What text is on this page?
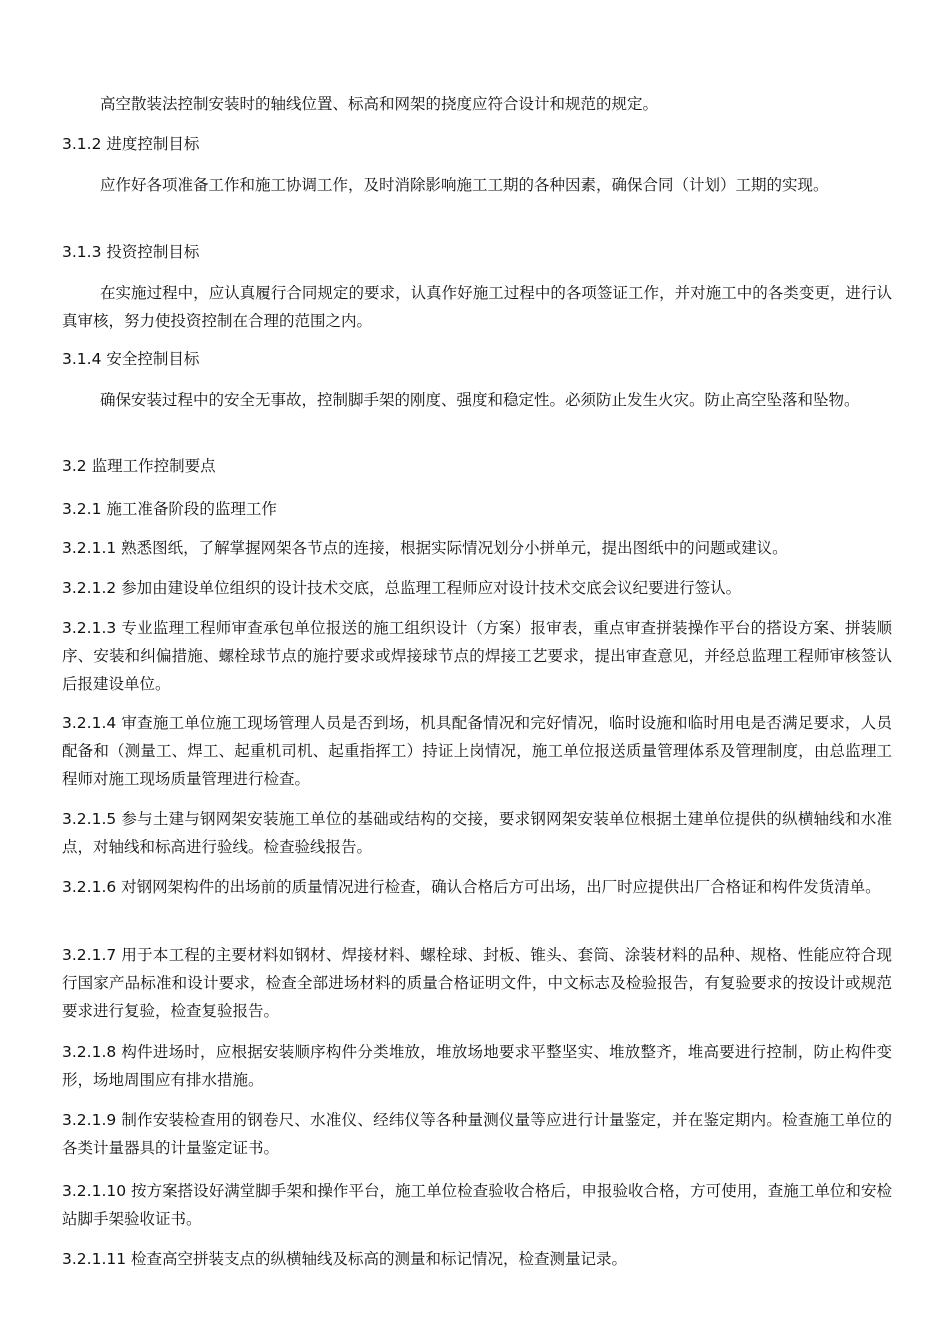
高空散装法控制安装时的轴线位置、标高和网架的挠度应符合设计和规范的规定。

3.1.2 进度控制目标

应作好各项准备工作和施工协调工作，及时消除影响施工工期的各种因素，确保合同（计划）工期的实现。

3.1.3 投资控制目标

在实施过程中，应认真履行合同规定的要求，认真作好施工过程中的各项签证工作，并对施工中的各类变更，进行认真审核，努力使投资控制在合理的范围之内。

3.1.4 安全控制目标

确保安装过程中的安全无事故，控制脚手架的刚度、强度和稳定性。必须防止发生火灾。防止高空坠落和坠物。

3.2 监理工作控制要点

3.2.1 施工准备阶段的监理工作

3.2.1.1 熟悉图纸，了解掌握网架各节点的连接，根据实际情况划分小拼单元，提出图纸中的问题或建议。

3.2.1.2 参加由建设单位组织的设计技术交底，总监理工程师应对设计技术交底会议纪要进行签认。

3.2.1.3 专业监理工程师审查承包单位报送的施工组织设计（方案）报审表，重点审查拼装操作平台的搭设方案、拼装顺序、安装和纠偏措施、螺栓球节点的施拧要求或焊接球节点的焊接工艺要求，提出审查意见，并经总监理工程师审核签认后报建设单位。

3.2.1.4 审查施工单位施工现场管理人员是否到场，机具配备情况和完好情况，临时设施和临时用电是否满足要求，人员配备和（测量工、焊工、起重机司机、起重指挥工）持证上岗情况，施工单位报送质量管理体系及管理制度，由总监理工程师对施工现场质量管理进行检查。

3.2.1.5 参与土建与钢网架安装施工单位的基础或结构的交接，要求钢网架安装单位根据土建单位提供的纵横轴线和水准点，对轴线和标高进行验线。检查验线报告。

3.2.1.6 对钢网架构件的出场前的质量情况进行检查，确认合格后方可出场，出厂时应提供出厂合格证和构件发货清单。

3.2.1.7 用于本工程的主要材料如钢材、焊接材料、螺栓球、封板、锥头、套筒、涂装材料的品种、规格、性能应符合现行国家产品标准和设计要求，检查全部进场材料的质量合格证明文件，中文标志及检验报告，有复验要求的按设计或规范要求进行复验，检查复验报告。

3.2.1.8 构件进场时，应根据安装顺序构件分类堆放，堆放场地要求平整坚实、堆放整齐，堆高要进行控制，防止构件变形，场地周围应有排水措施。

3.2.1.9 制作安装检查用的钢卷尺、水准仪、经纬仪等各种量测仪量等应进行计量鉴定，并在鉴定期内。检查施工单位的各类计量器具的计量鉴定证书。

3.2.1.10 按方案搭设好满堂脚手架和操作平台，施工单位检查验收合格后，申报验收合格，方可使用，查施工单位和安检站脚手架验收证书。

3.2.1.11 检查高空拼装支点的纵横轴线及标高的测量和标记情况，检查测量记录。
